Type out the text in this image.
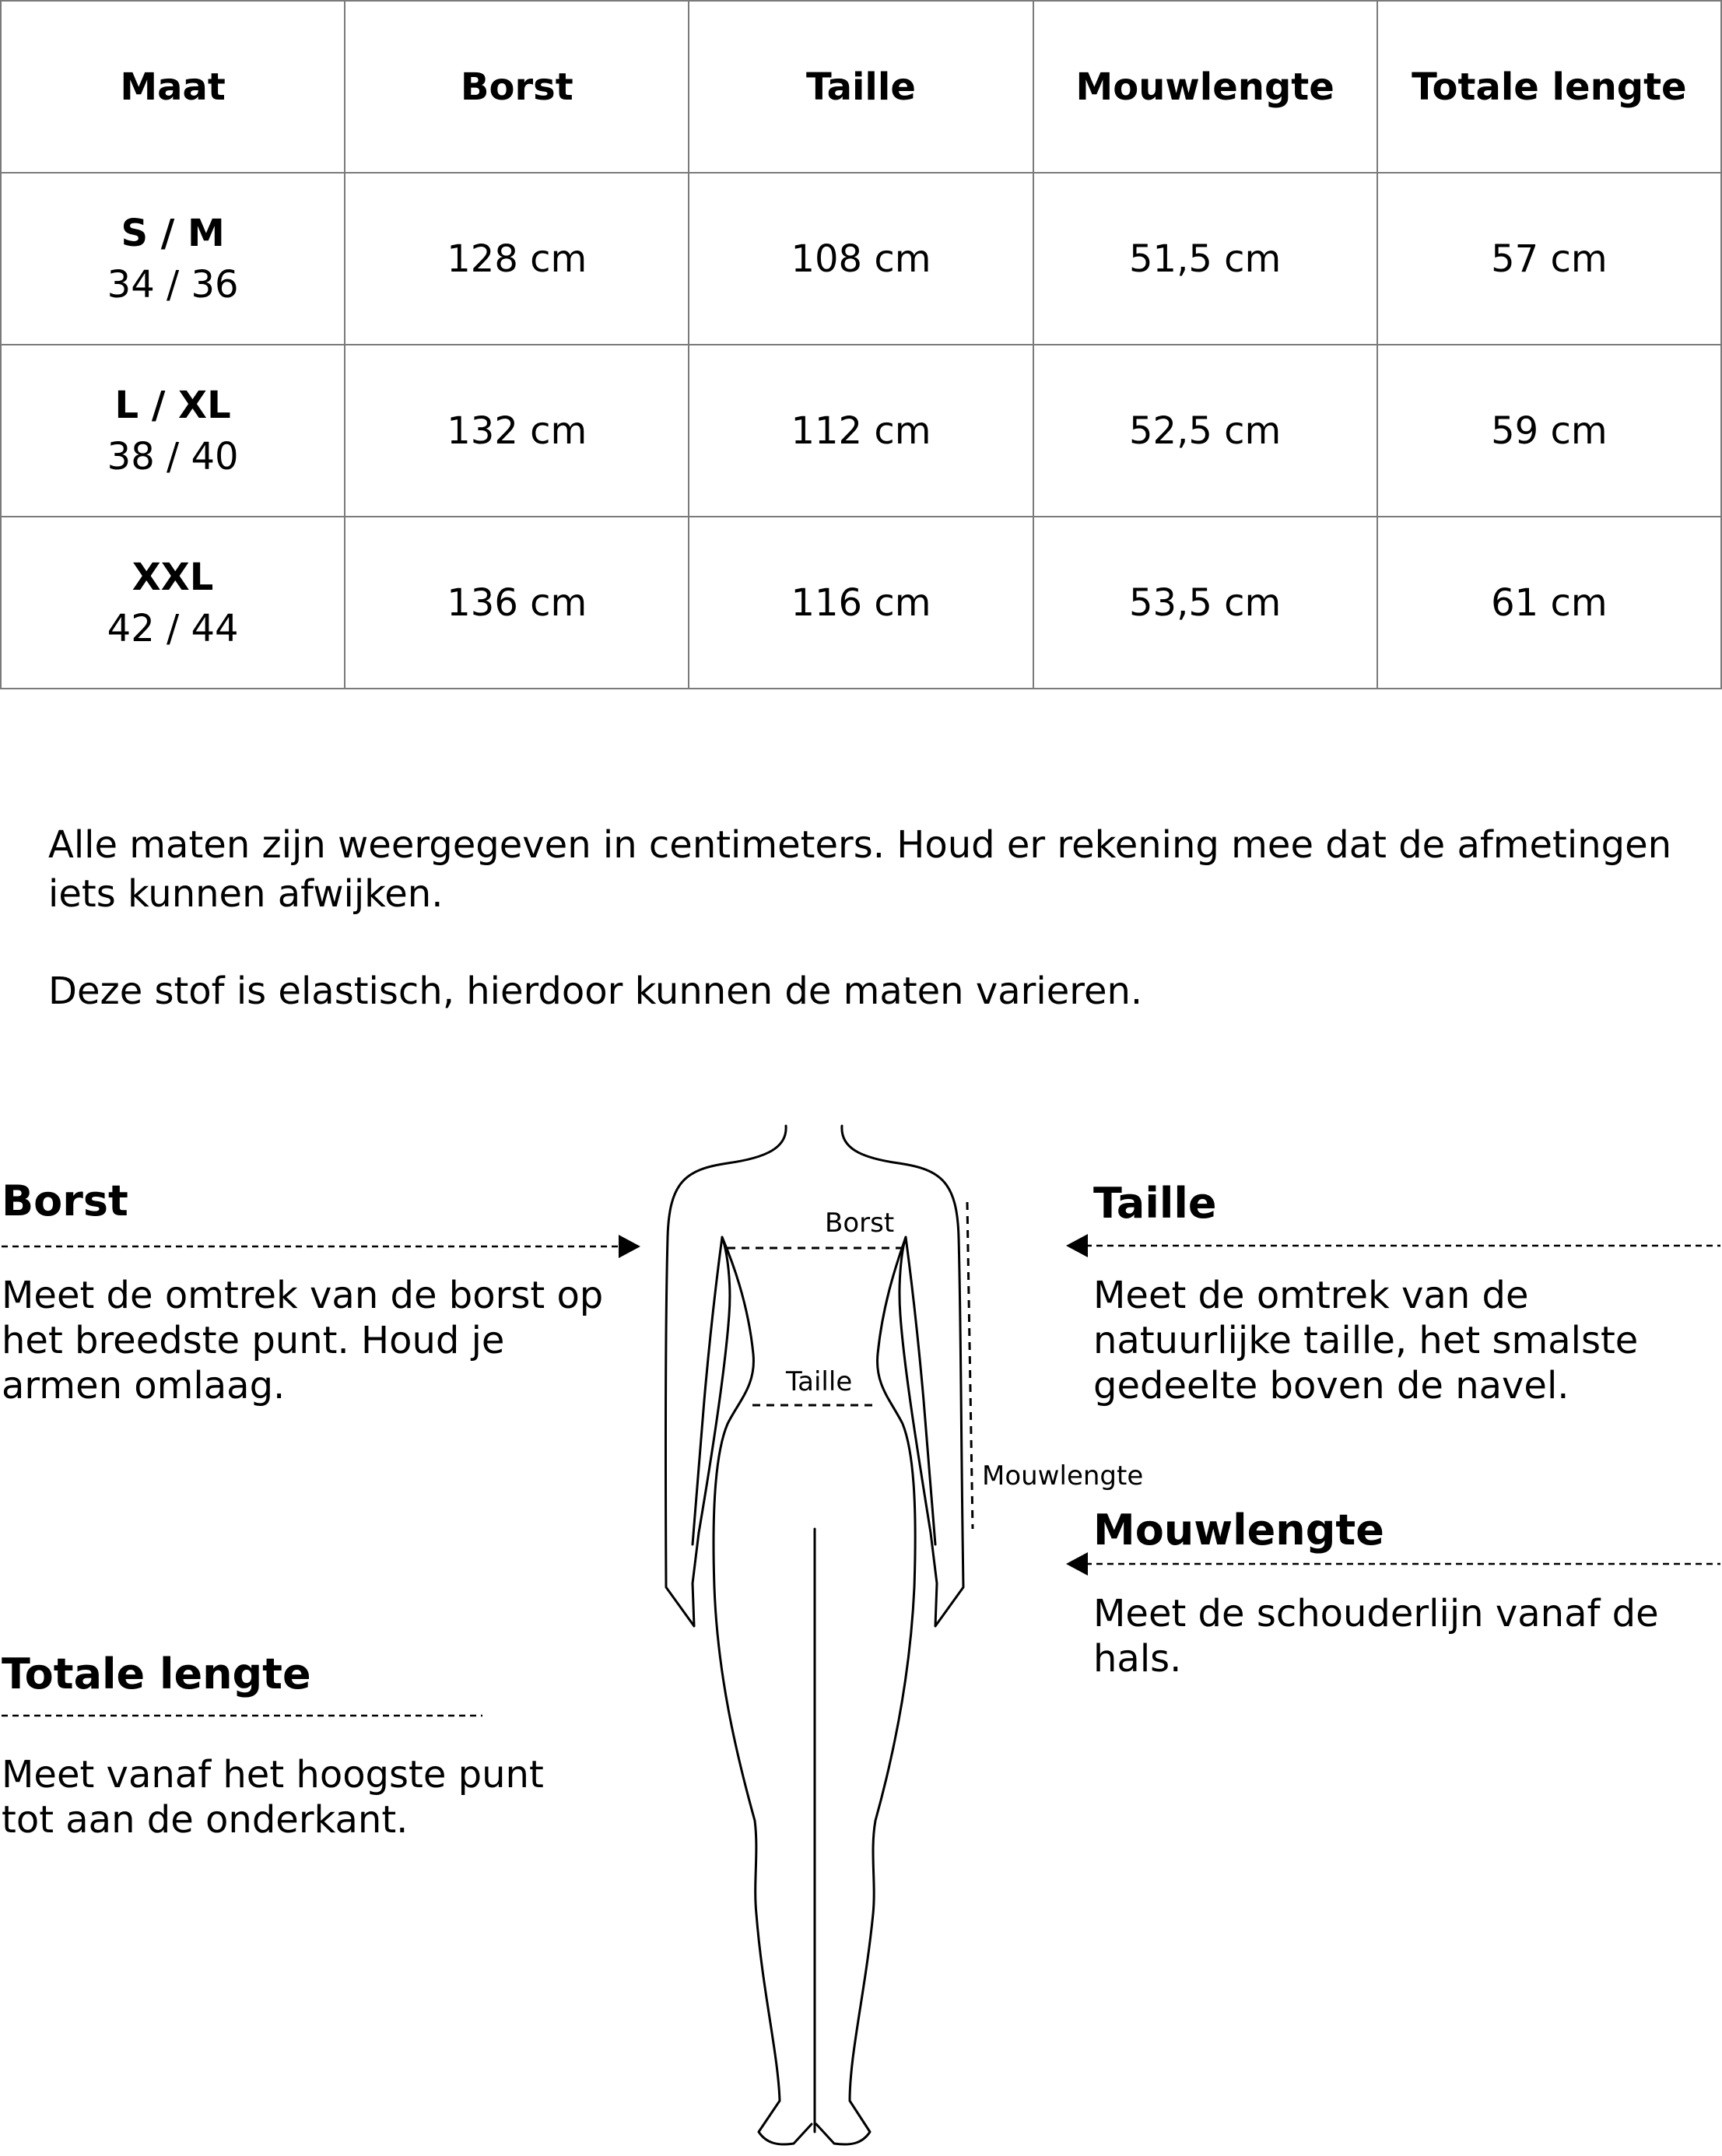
Maat	Borst	Taille	Mouwlengte	Totale lengte

S / M
34 / 36	128 cm	108 cm	51,5 cm	57 cm

L / XL
38 / 40	132 cm	112 cm	52,5 cm	59 cm

XXL
42 / 44	136 cm	116 cm	53,5 cm	61 cm
Alle maten zijn weergegeven in centimeters. Houd er rekening mee dat de afmetingen iets kunnen afwijken.
Deze stof is elastisch, hierdoor kunnen de maten varieren.
Borst
Taille
Mouwlengte
Borst
Meet de omtrek van de borst op het breedste punt. Houd je armen omlaag.
Taille
Meet de omtrek van de natuurlijke taille, het smalste gedeelte boven de navel.
Mouwlengte
Meet de schouderlijn vanaf de hals.
Totale lengte
Meet vanaf het hoogste punt tot aan de onderkant.
